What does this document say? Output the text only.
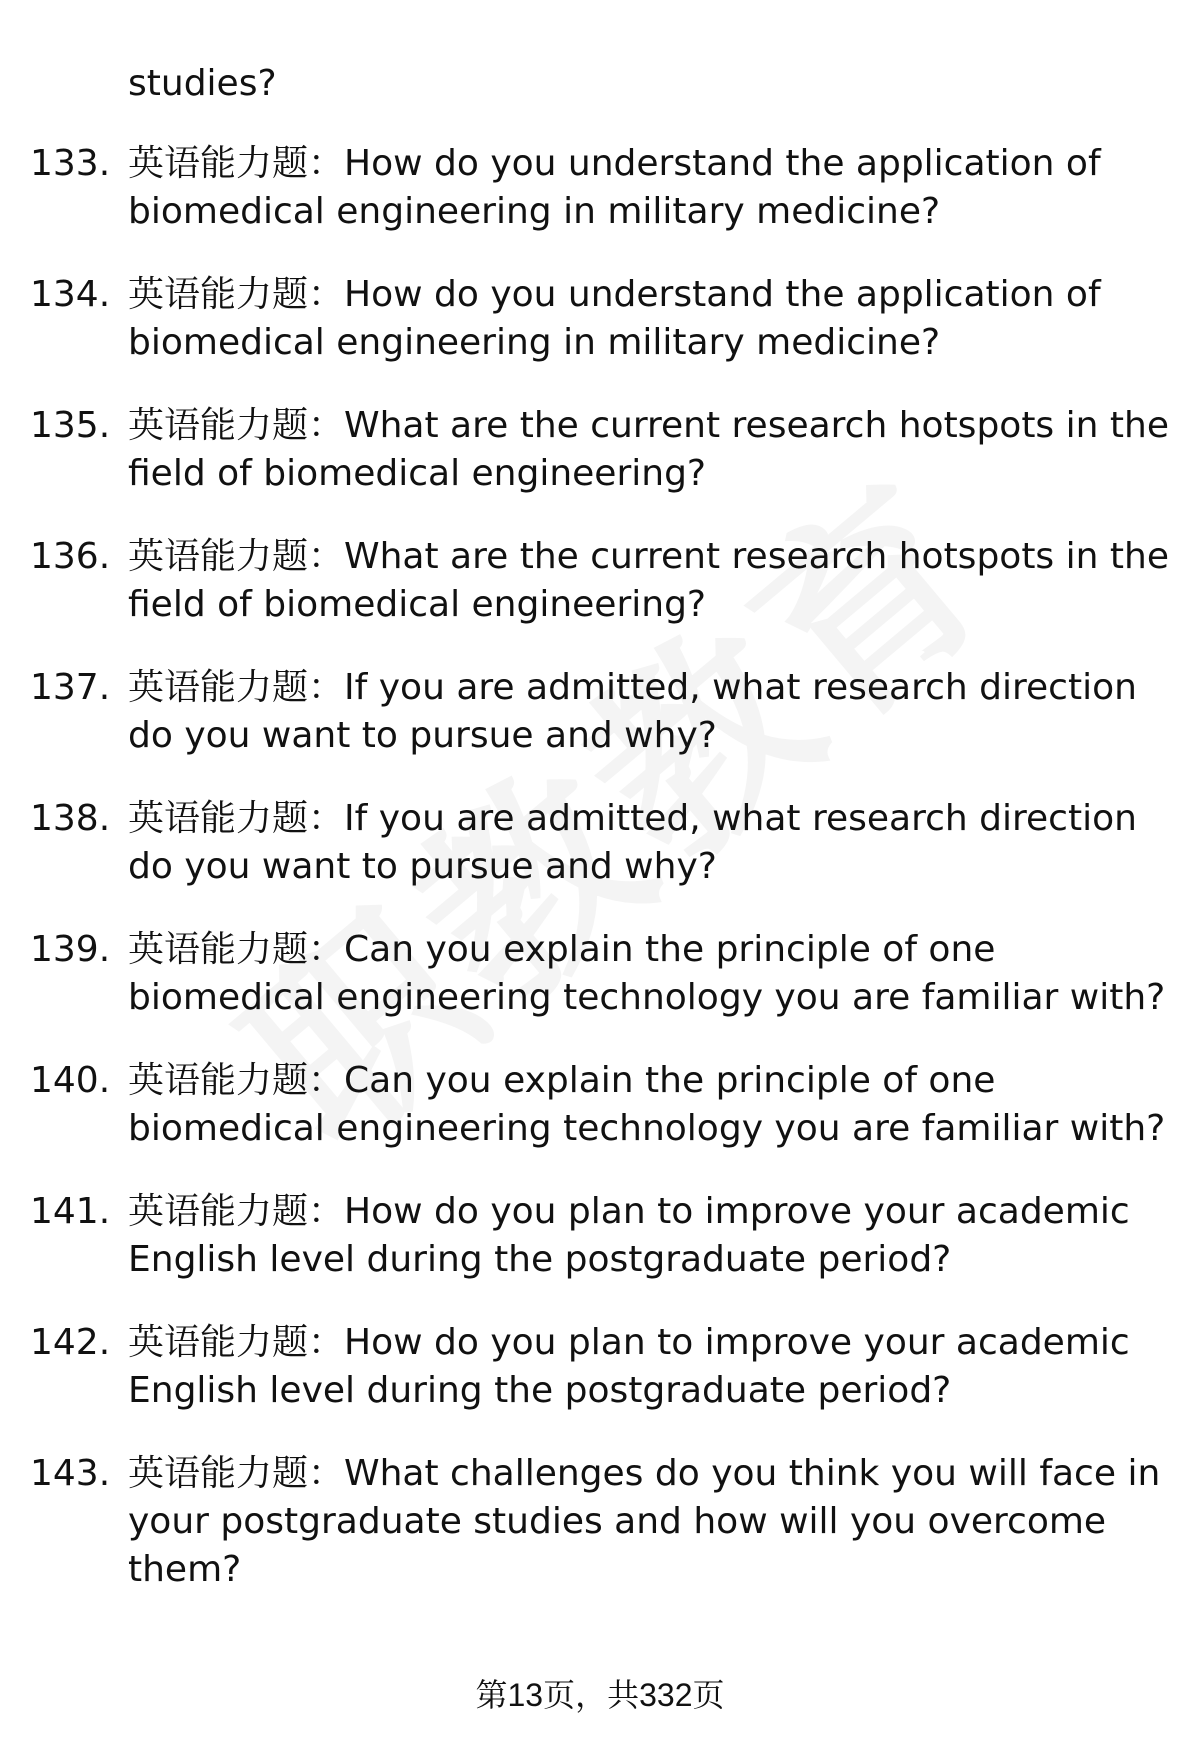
studies?
133. 英语能力题：How do you understand the application of biomedical engineering in military medicine?
134. 英语能力题：How do you understand the application of biomedical engineering in military medicine?
135. 英语能力题：What are the current research hotspots in the field of biomedical engineering?
136. 英语能力题：What are the current research hotspots in the field of biomedical engineering?
137. 英语能力题：If you are admitted, what research direction do you want to pursue and why?
138. 英语能力题：If you are admitted, what research direction do you want to pursue and why?
139. 英语能力题：Can you explain the principle of one biomedical engineering technology you are familiar with?
140. 英语能力题：Can you explain the principle of one biomedical engineering technology you are familiar with?
141. 英语能力题：How do you plan to improve your academic English level during the postgraduate period?
142. 英语能力题：How do you plan to improve your academic English level during the postgraduate period?
143. 英语能力题：What challenges do you think you will face in your postgraduate studies and how will you overcome them?
第13页，共332页
